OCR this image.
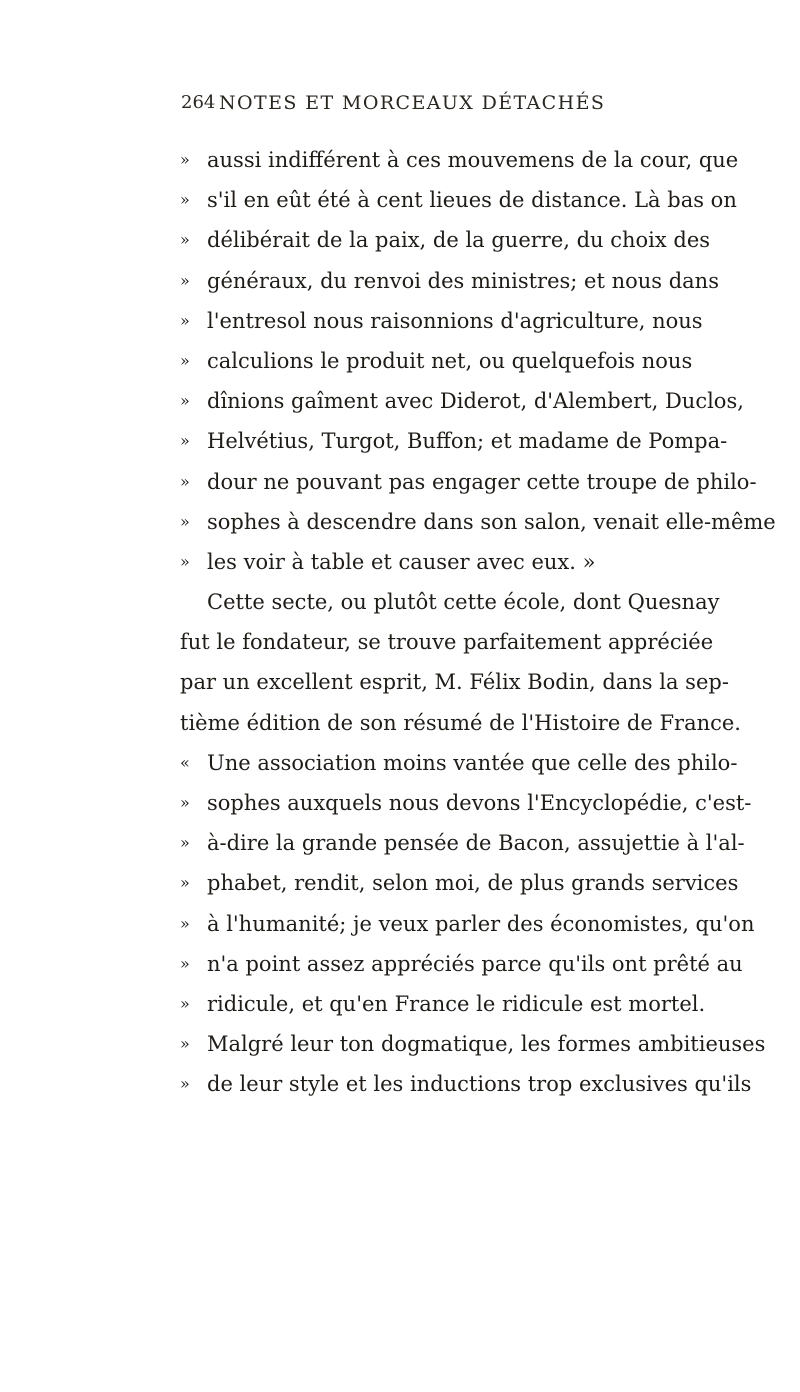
264 NOTES ET MORCEAUX DÉTACHÉS
» aussi indifférent à ces mouvemens de la cour, que
» s'il en eût été à cent lieues de distance. Là bas on
» délibérait de la paix, de la guerre, du choix des
» généraux, du renvoi des ministres; et nous dans
» l'entresol nous raisonnions d'agriculture, nous
» calculions le produit net, ou quelquefois nous
» dînions gaîment avec Diderot, d'Alembert, Duclos,
» Helvétius, Turgot, Buffon; et madame de Pompa-
» dour ne pouvant pas engager cette troupe de philo-
» sophes à descendre dans son salon, venait elle-même
» les voir à table et causer avec eux. »
Cette secte, ou plutôt cette école, dont Quesnay
fut le fondateur, se trouve parfaitement appréciée
par un excellent esprit, M. Félix Bodin, dans la sep-
tième édition de son résumé de l'Histoire de France.
« Une association moins vantée que celle des philo-
» sophes auxquels nous devons l'Encyclopédie, c'est-
» à-dire la grande pensée de Bacon, assujettie à l'al-
» phabet, rendit, selon moi, de plus grands services
» à l'humanité; je veux parler des économistes, qu'on
» n'a point assez appréciés parce qu'ils ont prêté au
» ridicule, et qu'en France le ridicule est mortel.
» Malgré leur ton dogmatique, les formes ambitieuses
» de leur style et les inductions trop exclusives qu'ils
